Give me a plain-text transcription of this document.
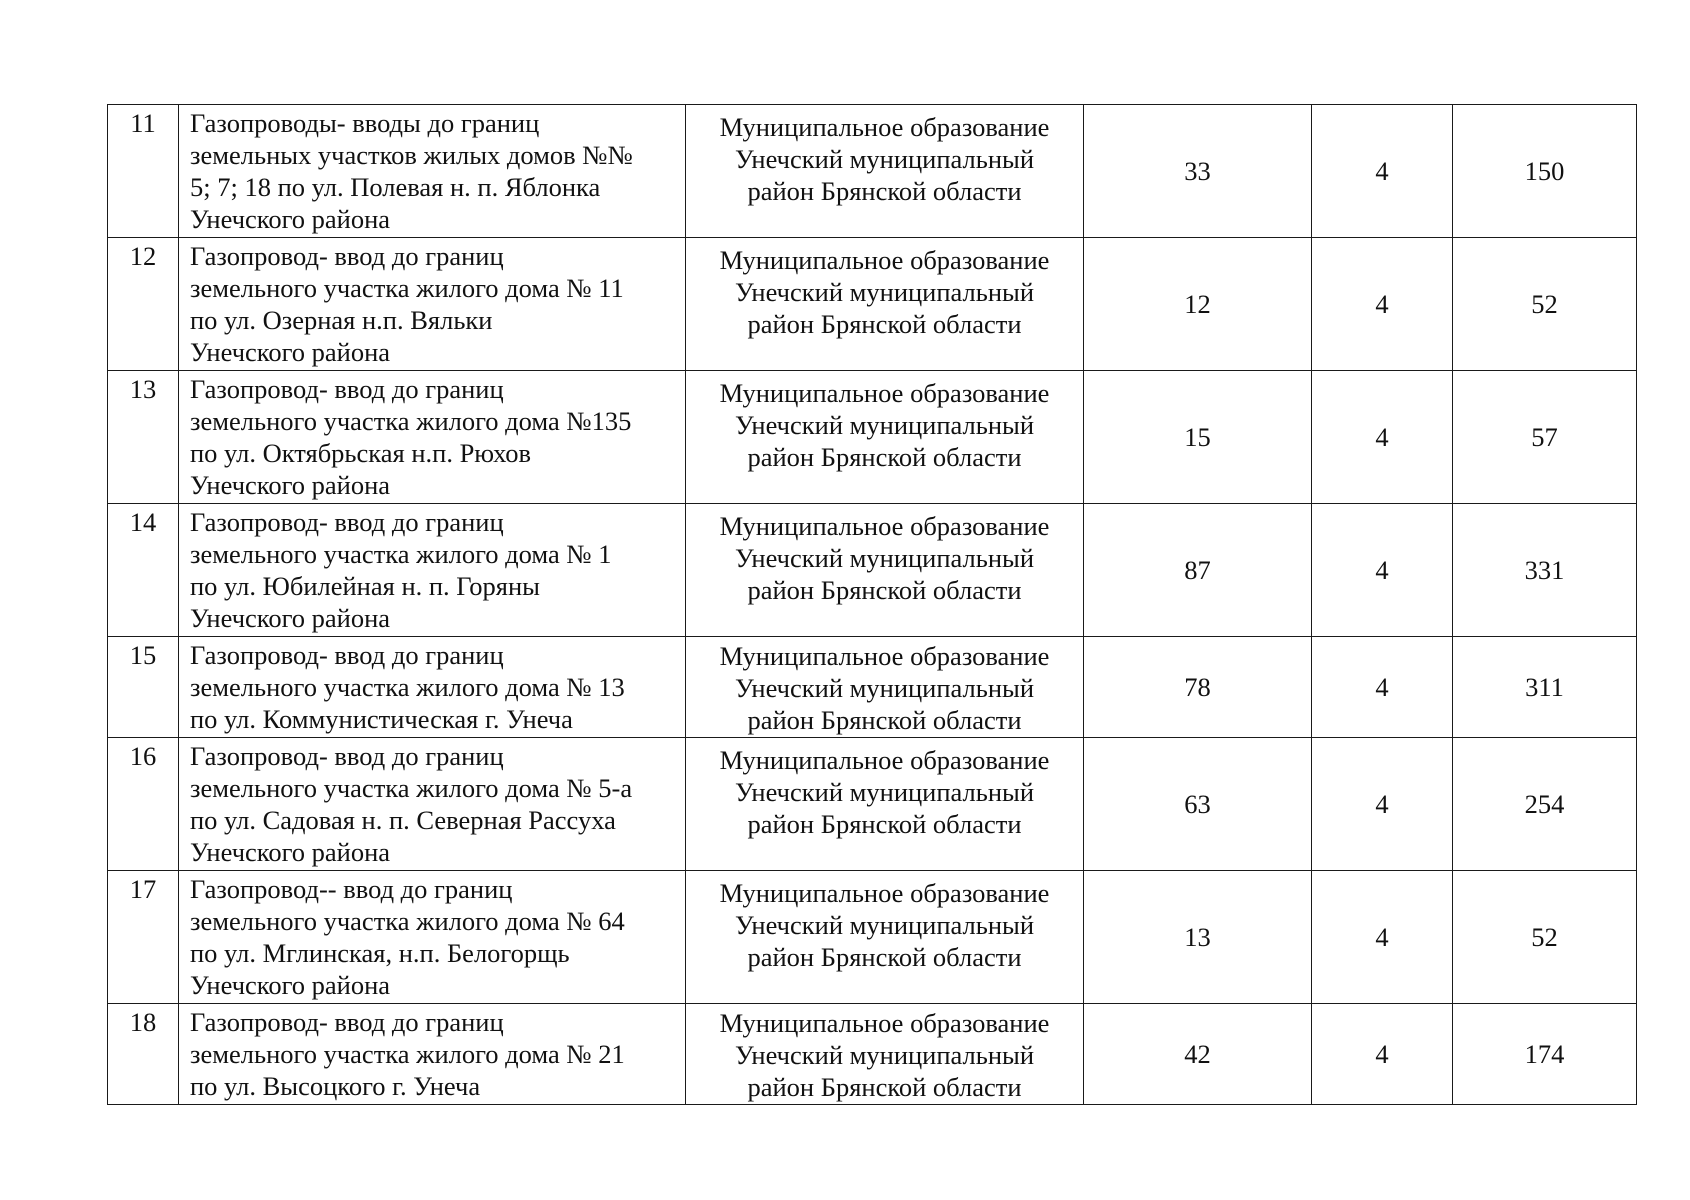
11	Газопроводы- вводы до границ
земельных участков жилых домов №№
5; 7; 18 по ул. Полевая н. п. Яблонка
Унечского района	Муниципальное образование
Унечский муниципальный
район Брянской области	33	4	150
12	Газопровод- ввод до границ
земельного участка жилого дома № 11
по ул. Озерная н.п. Вяльки
Унечского района	Муниципальное образование
Унечский муниципальный
район Брянской области	12	4	52
13	Газопровод- ввод до границ
земельного участка жилого дома №135
по ул. Октябрьская н.п. Рюхов
Унечского района	Муниципальное образование
Унечский муниципальный
район Брянской области	15	4	57
14	Газопровод- ввод до границ
земельного участка жилого дома № 1
по ул. Юбилейная н. п. Горяны
Унечского района	Муниципальное образование
Унечский муниципальный
район Брянской области	87	4	331
15	Газопровод- ввод до границ
земельного участка жилого дома № 13
по ул. Коммунистическая г. Унеча	Муниципальное образование
Унечский муниципальный
район Брянской области	78	4	311
16	Газопровод- ввод до границ
земельного участка жилого дома № 5-а
по ул. Садовая н. п. Северная Рассуха
Унечского района	Муниципальное образование
Унечский муниципальный
район Брянской области	63	4	254
17	Газопровод-- ввод до границ
земельного участка жилого дома № 64
по ул. Мглинская, н.п. Белогорщь
Унечского района	Муниципальное образование
Унечский муниципальный
район Брянской области	13	4	52
18	Газопровод- ввод до границ
земельного участка жилого дома № 21
по ул. Высоцкого г. Унеча	Муниципальное образование
Унечский муниципальный
район Брянской области	42	4	174
